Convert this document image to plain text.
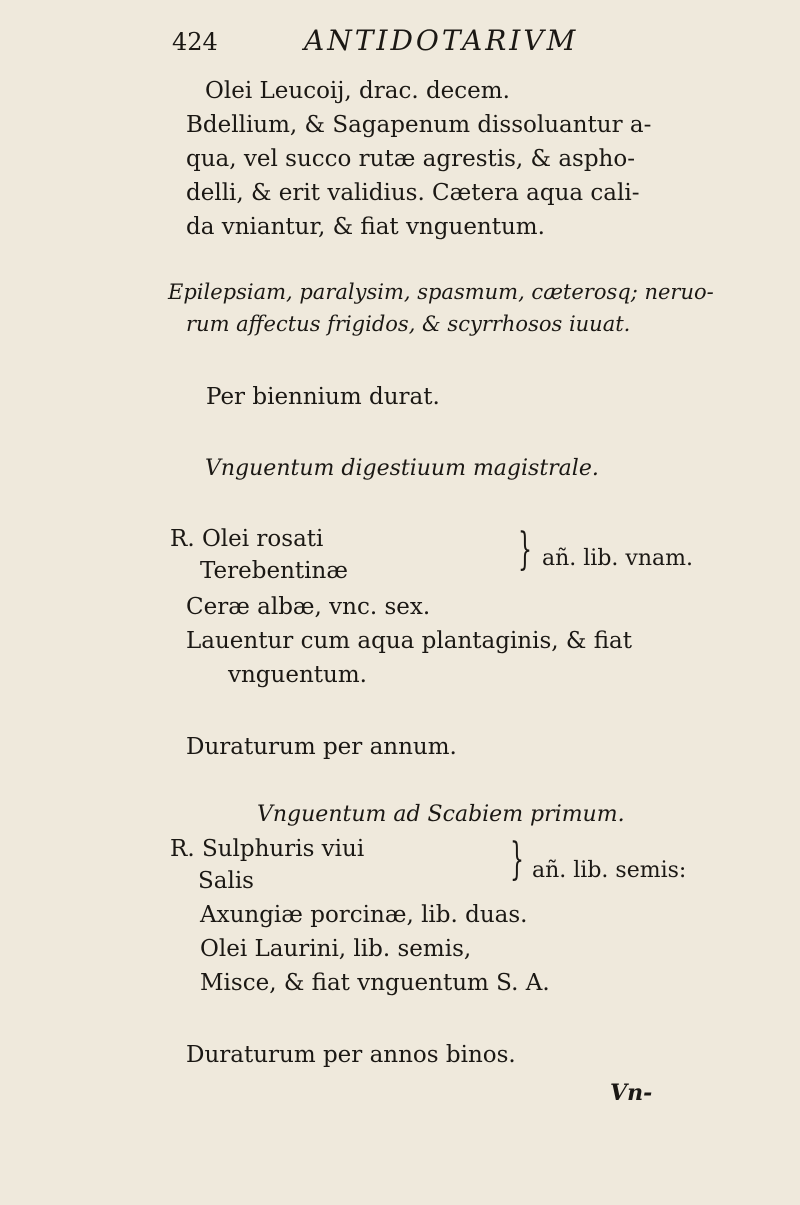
424	ANTIDOTARIVM
Olei Leucoij, drac. decem.
Bdellium, & Sagapenum dissoluantur a-
qua, vel succo rutæ agrestis, & aspho-
delli, & erit validius. Cætera aqua cali-
da vniantur, & fiat vnguentum.
Epilepsiam, paralysim, spasmum, cæterosq; neruo-
rum affectus frigidos, & scyrrhosos iuuat.
Per biennium durat.
Vnguentum digestiuum magistrale.
R. Olei rosati
Terebentinæ	} añ. lib. vnam.
Ceræ albæ, vnc. sex.
Lauentur cum aqua plantaginis, & fiat
vnguentum.
Duraturum per annum.
Vnguentum ad Scabiem primum.
R. Sulphuris viui
Salis	} añ. lib. semis:
Axungiæ porcinæ, lib. duas.
Olei Laurini, lib. semis,
Misce, & fiat vnguentum S. A.
Duraturum per annos binos.
Vn-
